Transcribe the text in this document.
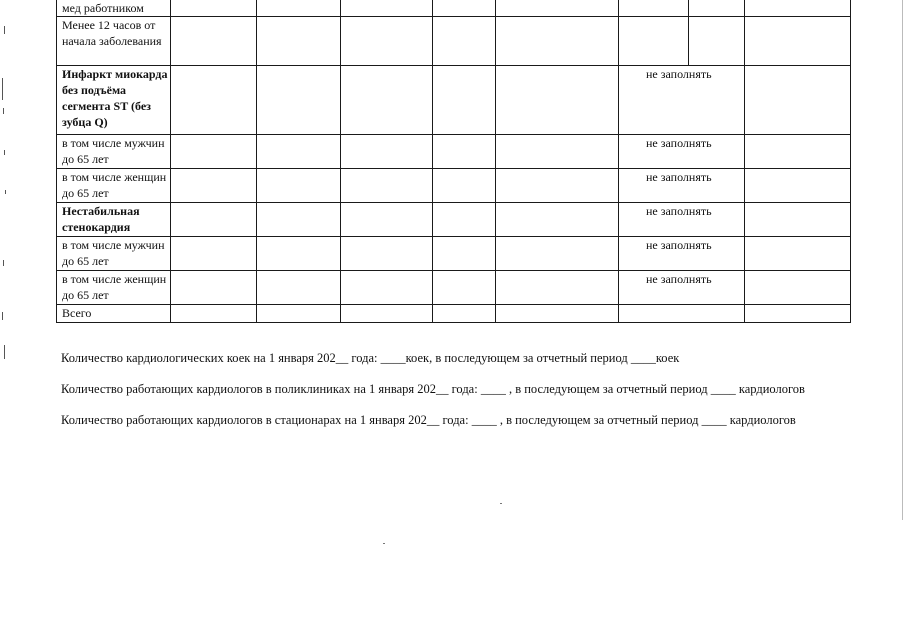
мед работником								
Менее 12 часов от начала заболевания								
Инфаркт миокарда без подъёма сегмента ST (без зубца Q)						не заполнять		
в том числе мужчин до 65 лет						не заполнять		
в том числе женщин до 65 лет						не заполнять		
Нестабильная стенокардия						не заполнять		
в том числе мужчин до 65 лет						не заполнять		
в том числе женщин до 65 лет						не заполнять		
Всего								
Количество кардиологических коек на 1 января 202__ года: ____коек, в последующем за отчетный период ____коек
Количество работающих кардиологов в поликлиниках на 1 января 202__ года: ____ , в последующем за отчетный период ____ кардиологов
Количество работающих кардиологов в стационарах на 1 января 202__ года: ____ , в последующем за отчетный период ____ кардиологов
